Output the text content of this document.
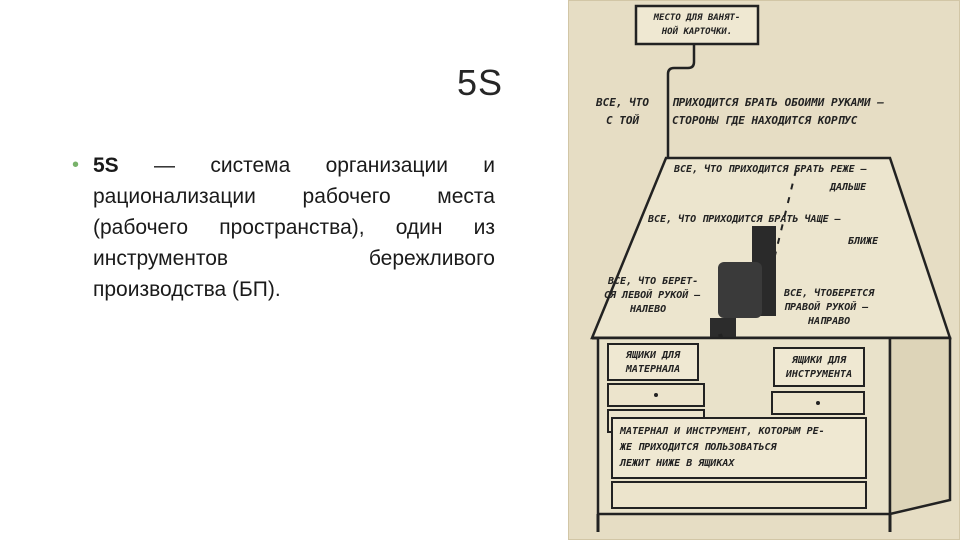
5S
• 5S — система организации и рационализации рабочего места (рабочего пространства), один из инструментов бережливого производства (БП).
МЕСТО ДЛЯ ВАНЯТ-
НОЙ КАРТОЧКИ.
ВСЕ, ЧТО ПРИХОДИТСЯ БРАТЬ ОБОИМИ РУКАМИ –
С ТОЙ	СТОРОНЫ ГДЕ НАХОДИТСЯ КОРПУС
ВСЕ, ЧТО ПРИХОДИТСЯ БРАТЬ РЕЖЕ –
ДАЛЬШЕ
ВСЕ, ЧТО ПРИХОДИТСЯ БРАТЬ ЧАЩЕ –
БЛИЖЕ
ВСЕ, ЧТО БЕРЕТ-
СЯ ЛЕВОЙ РУКОЙ –
НАЛЕВО
ВСЕ, ЧТОБЕРЕТСЯ
ПРАВОЙ РУКОЙ –
НАПРАВО
ЯЩИКИ ДЛЯ
МАТЕРНАЛА
ЯЩИКИ ДЛЯ
ИНСТРУМЕНТА
МАТЕРНАЛ И ИНСТРУМЕНТ, КОТОРЫМ РЕ-
ЖЕ ПРИХОДИТСЯ ПОЛЬЗОВАТЬСЯ
ЛЕЖИТ НИЖЕ В ЯЩИКАХ
